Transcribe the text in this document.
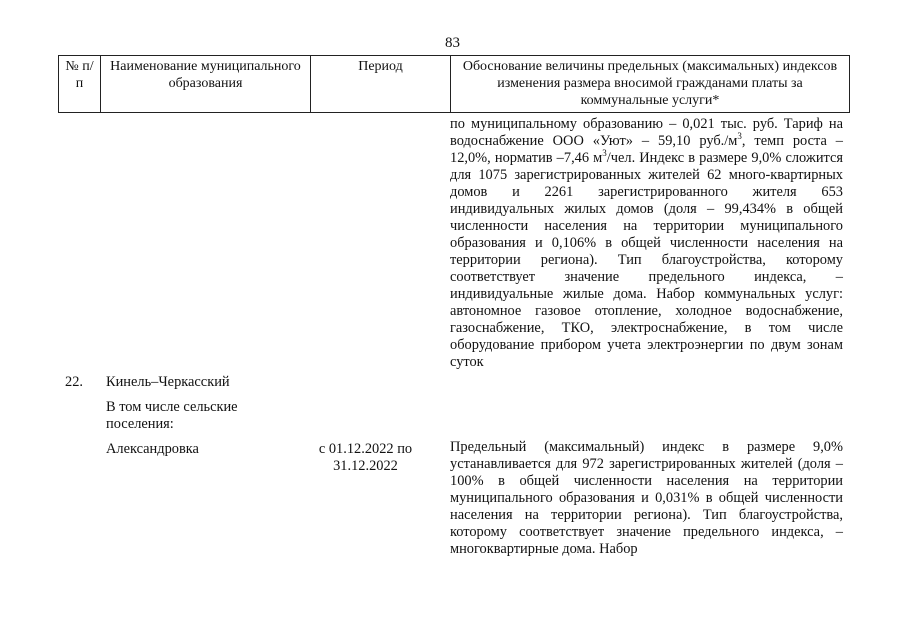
83
№ п/п
Наименование муниципального образования
Период	Обоснование величины предельных (максимальных) индексов изменения размера вносимой гражданами платы за коммунальные услуги*
по муниципальному образованию – 0,021 тыс. руб. Тариф на водоснабжение ООО «Уют» – 59,10 $руб./м^3$, темп роста – 12,0%, норматив –7,46 $м^3$/чел. Индекс в размере 9,0% сложится для 1075 зарегистрированных жителей 62 много-квартирных домов и 2261 зарегистрированного жителя 653 индивидуальных жилых домов (доля – 99,434% в общей численности населения на территории муниципального образования и 0,106% в общей численности населения на территории региона). Тип благоустройства, которому соответствует значение предельного индекса, – индивидуальные жилые дома. Набор коммунальных услуг: автономное газовое отопление, холодное водоснабжение, газоснабжение, ТКО, электроснабжение, в том числе оборудование прибором учета электроэнергии по двум зонам суток
22. Кинель–Черкасский
В том числе сельские поселения:
Александровка	с 01.12.2022 по 31.12.2022
Предельный (максимальный) индекс в размере 9,0% устанавливается для 972 зарегистрированных жителей (доля – 100% в общей численности населения на территории муниципального образования и 0,031% в общей численности населения на территории региона). Тип благоустройства, которому соответствует значение предельного индекса, – многоквартирные дома. Набор
